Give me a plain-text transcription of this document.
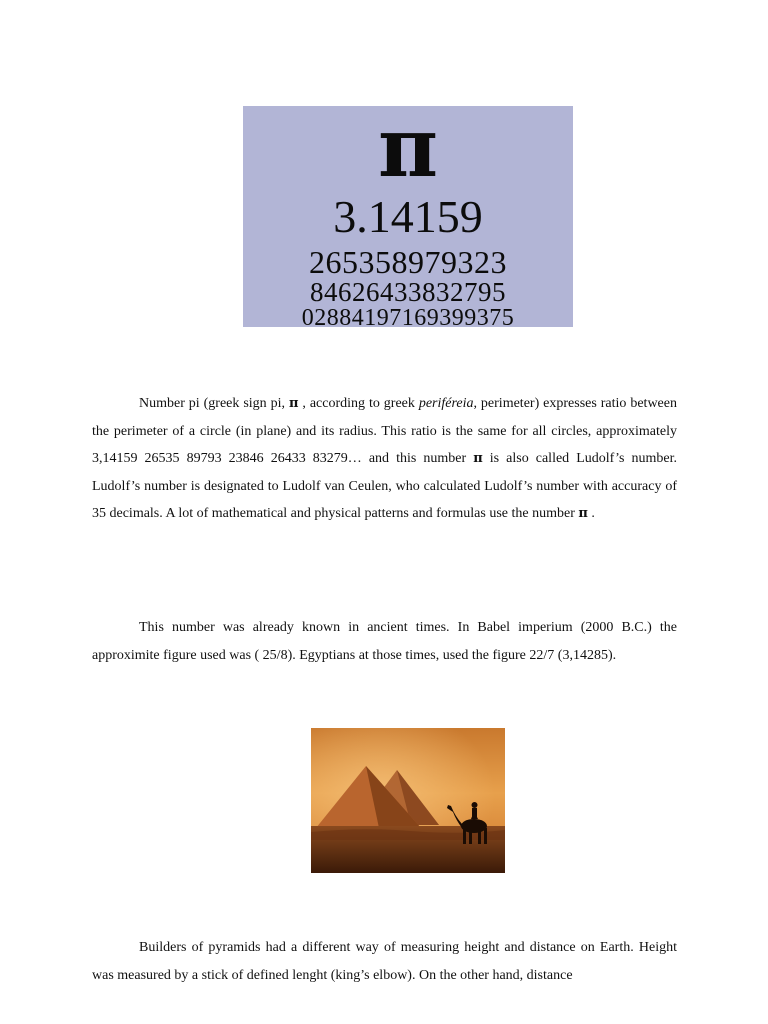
π
3.14159
265358979323
84626433832795
0288419716939937​5

Number pi (greek sign pi, π , according to greek periféreia, perimeter) expresses ratio between the perimeter of a circle (in plane) and its radius. This ratio is the same for all circles, approximately 3,14159 26535 89793 23846 26433 83279… and this number π is also called Ludolf’s number. Ludolf’s number is designated to Ludolf van Ceulen, who calculated Ludolf’s number with accuracy of 35 decimals. A lot of mathematical and physical patterns and formulas use the number π .

This number was already known in ancient times. In Babel imperium (2000 B.C.) the approximite figure used was ( 25/8). Egyptians at those times, used the figure 22/7 (3,14285).

Builders of pyramids had a different way of measuring height and distance on Earth. Height was measured by a stick of defined lenght (king’s elbow). On the other hand, distance
